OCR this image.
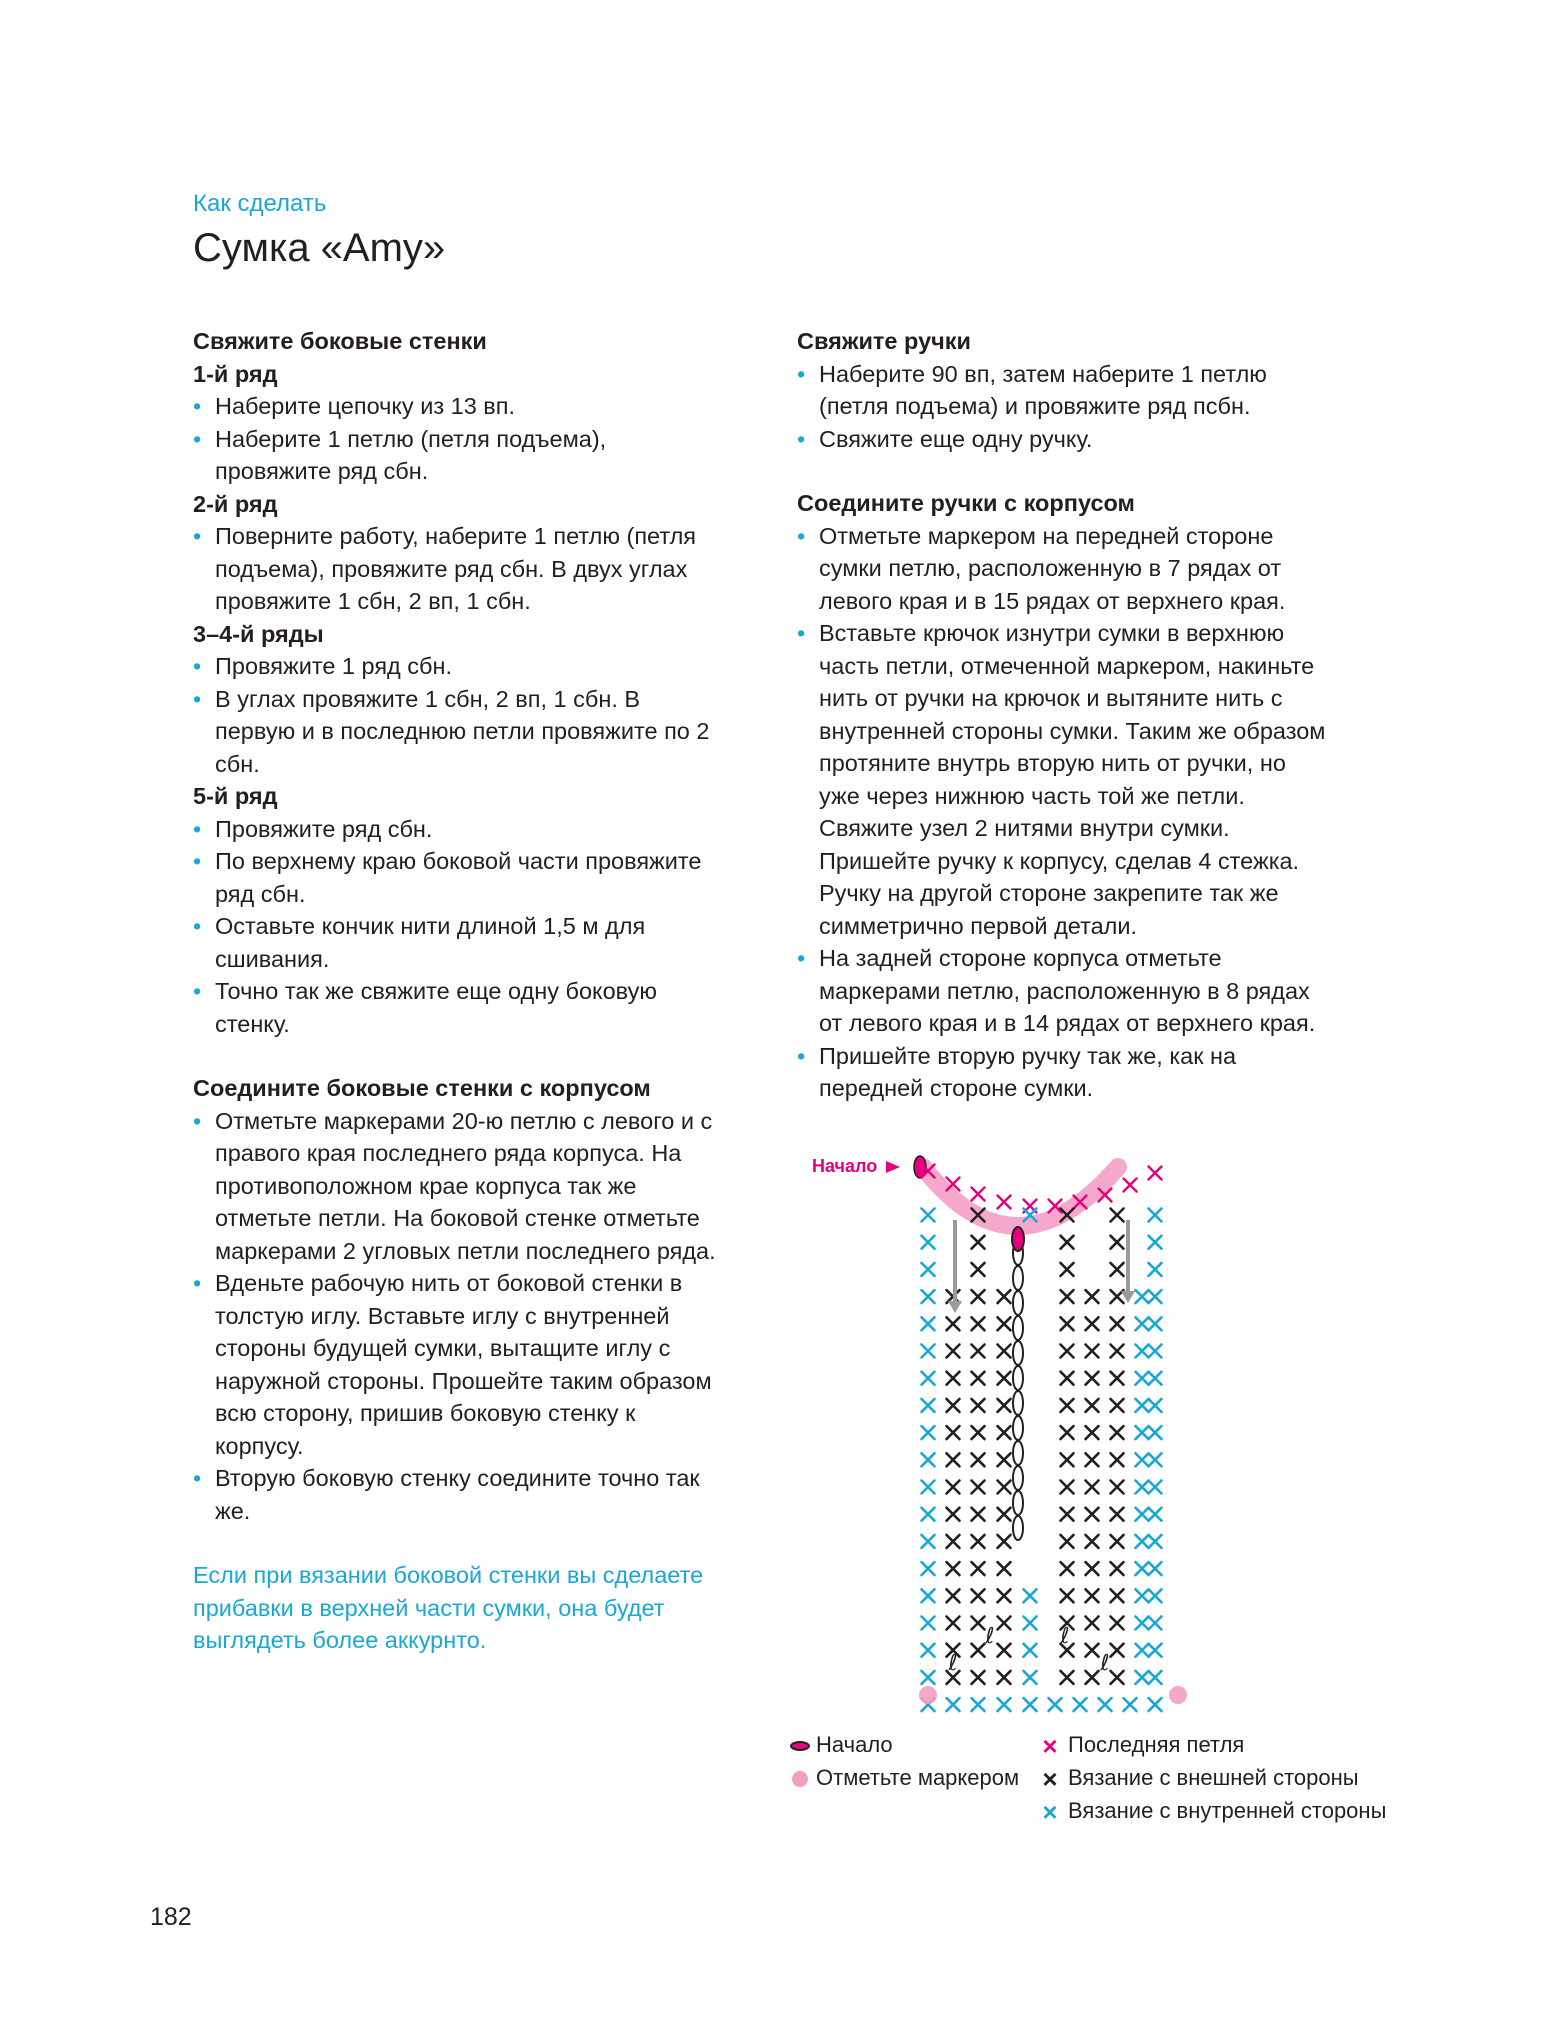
Как сделать
Сумка «Amy»

Свяжите боковые стенки

1-й ряд

• Наберите цепочку из 13 вп.
• Наберите 1 петлю (петля подъема), провяжите ряд сбн.

2-й ряд

• Поверните работу, наберите 1 петлю (петля подъема), провяжите ряд сбн. В двух углах провяжите 1 сбн, 2 вп, 1 сбн.

3–4-й ряды

• Провяжите 1 ряд сбн.
• В углах провяжите 1 сбн, 2 вп, 1 сбн. В первую и в последнюю петли провяжите по 2 сбн.

5-й ряд

• Провяжите ряд сбн.
• По верхнему краю боковой части провяжите ряд сбн.
• Оставьте кончик нити длиной 1,5 м для сшивания.
• Точно так же свяжите еще одну боковую стенку.

Соедините боковые стенки с корпусом

• Отметьте маркерами 20-ю петлю с левого и с правого края последнего ряда корпуса. На противоположном крае корпуса так же отметьте петли. На боковой стенке отметьте маркерами 2 угловых петли последнего ряда.
• Вденьте рабочую нить от боковой стенки в толстую иглу. Вставьте иглу с внутренней стороны будущей сумки, вытащите иглу с наружной стороны. Прошейте таким образом всю сторону, пришив боковую стенку к корпусу.
• Вторую боковую стенку соедините точно так же.

Если при вязании боковой стенки вы сделаете прибавки в верхней части сумки, она будет выглядеть более аккурнто.

Свяжите ручки

• Наберите 90 вп, затем наберите 1 петлю (петля подъема) и провяжите ряд псбн.
• Свяжите еще одну ручку.

Соедините ручки с корпусом

• Отметьте маркером на передней стороне сумки петлю, расположенную в 7 рядах от левого края и в 15 рядах от верхнего края.
• Вставьте крючок изнутри сумки в верхнюю часть петли, отмеченной маркером, накиньте нить от ручки на крючок и вытяните нить с внутренней стороны сумки. Таким же образом протяните внутрь вторую нить от ручки, но уже через нижнюю часть той же петли. Свяжите узел 2 нитями внутри сумки. Пришейте ручку к корпусу, сделав 4 стежка. Ручку на другой стороне закрепите так же симметрично первой детали.
• На задней стороне корпуса отметьте маркерами петлю, расположенную в 8 рядах от левого края и в 14 рядах от верхнего края.
• Пришейте вторую ручку так же, как на передней стороне сумки.
Начало
ℓ
ℓ	ℓ
ℓ
Начало
Отметьте маркером
× Последняя петля
× Вязание с внешней стороны
× Вязание с внутренней стороны

182
